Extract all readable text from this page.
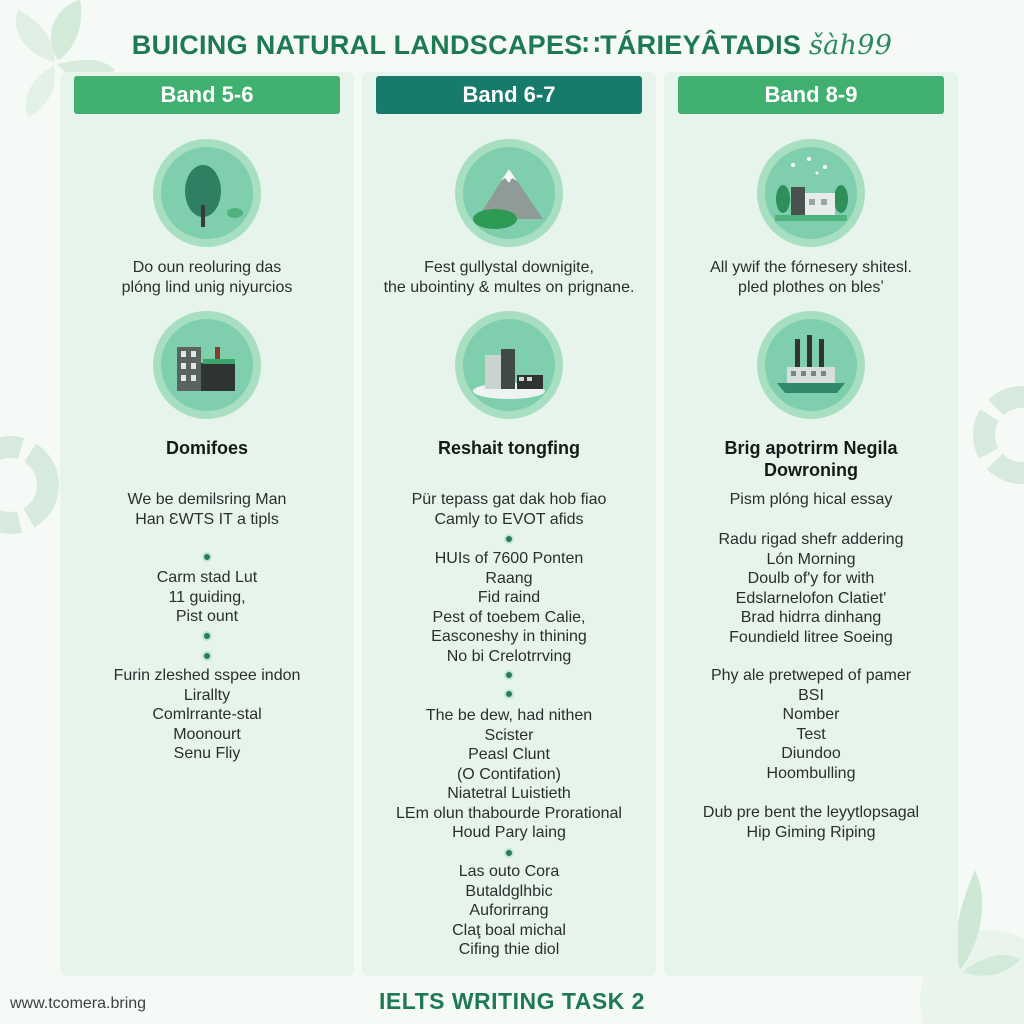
BUICING NATURAL LANDSCAPES∷TÁRIEYÂTADIS šàh99
Band 5-6
Do oun reoluring das
plóng lind unig niyurcios
Domifoes
We be demilsring Man
Han ƐWTS IT a tipls
Carm stad Lut
11 guiding,
Pist ount
Furin zleshed sspee indon
Lirallty
Comlrrante-stal
Moonourt
Senu Fliy
Band 6-7
Fest gullystal downigite,
the ubointiny & multes on prignane.
Reshait tongfing
Pür tepass gat dak hob fiao
Camly to EVOT afids
HUIs of 7600 Ponten
Raang
Fid raind
Pest of toebem Calie,
Easconeshy in thining
No bi Crelotrrving
The be dew, had nithen
Scister
Peasl Clunt
(O Contifation)
Niatetral Luistieth
LEm olun thabourde Prorational
Houd Pary laing
Las outo Cora
Butaldglhbic
Auforirrang
Claţ boal michal
Cifing thie diol
Band 8-9
All ywif the fórnesery shitesl.
pled plothes on blesʼ
Brig apotrirm Negila
Dowroning
Pism plóng hical essay
Radu rigad shefr addering
Lón Morning
Doulb of'y for with
Edslarnelofon Clatiet'
Brad hidrra dinhang
Foundield litree Soeing
Phy ale pretweped of pamer
BSI
Nomber
Test
Diundoo
Hoombulling
Dub pre bent the leyytlopsagal
Hip Giming Riping
www.tcomera.bring	IELTS WRITING TASK 2
